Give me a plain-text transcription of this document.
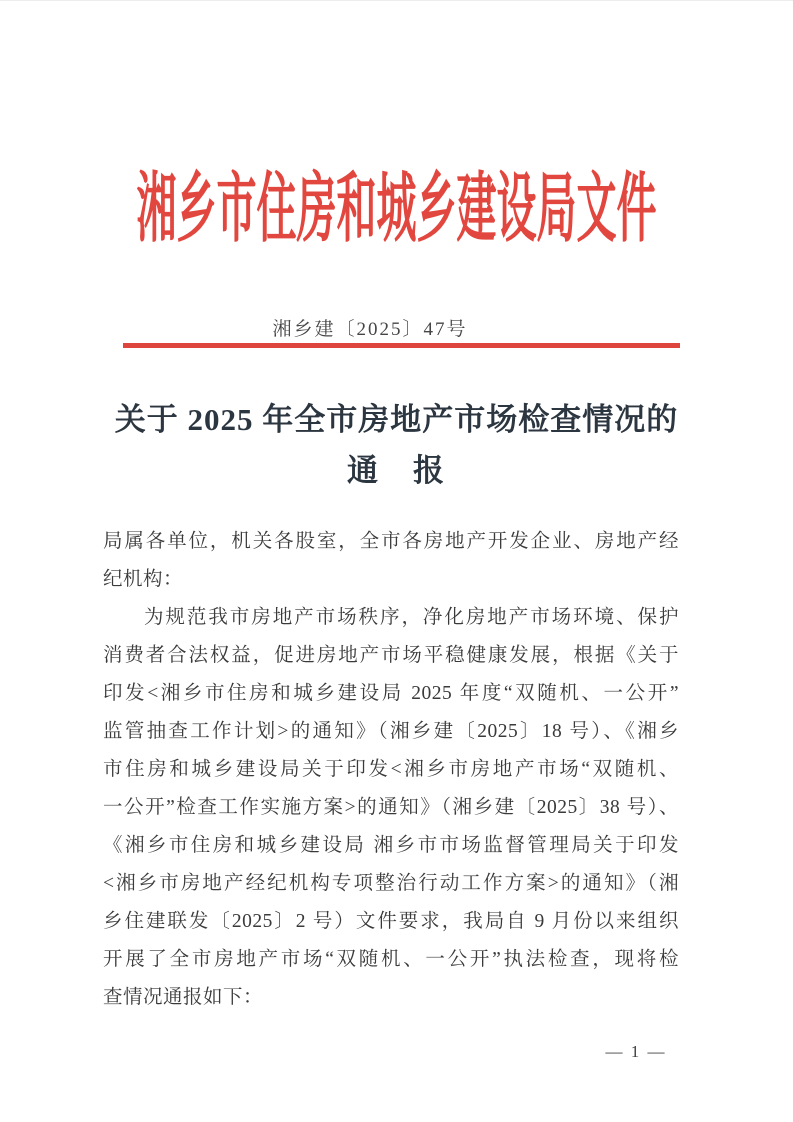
湘乡市住房和城乡建设局文件
湘乡建〔2025〕47号
关于 2025 年全市房地产市场检查情况的
通　报
局属各单位，机关各股室，全市各房地产开发企业、房地产经
纪机构：
为规范我市房地产市场秩序，净化房地产市场环境、保护
消费者合法权益，促进房地产市场平稳健康发展，根据《关于
印发<湘乡市住房和城乡建设局 2025 年度“双随机、一公开”
监管抽查工作计划>的通知》（湘乡建〔2025〕18 号）、《湘乡
市住房和城乡建设局关于印发<湘乡市房地产市场“双随机、
一公开”检查工作实施方案>的通知》（湘乡建〔2025〕38 号）、
《湘乡市住房和城乡建设局 湘乡市市场监督管理局关于印发
<湘乡市房地产经纪机构专项整治行动工作方案>的通知》（湘
乡住建联发〔2025〕2 号）文件要求，我局自 9 月份以来组织
开展了全市房地产市场“双随机、一公开”执法检查，现将检
查情况通报如下：
— 1 —
